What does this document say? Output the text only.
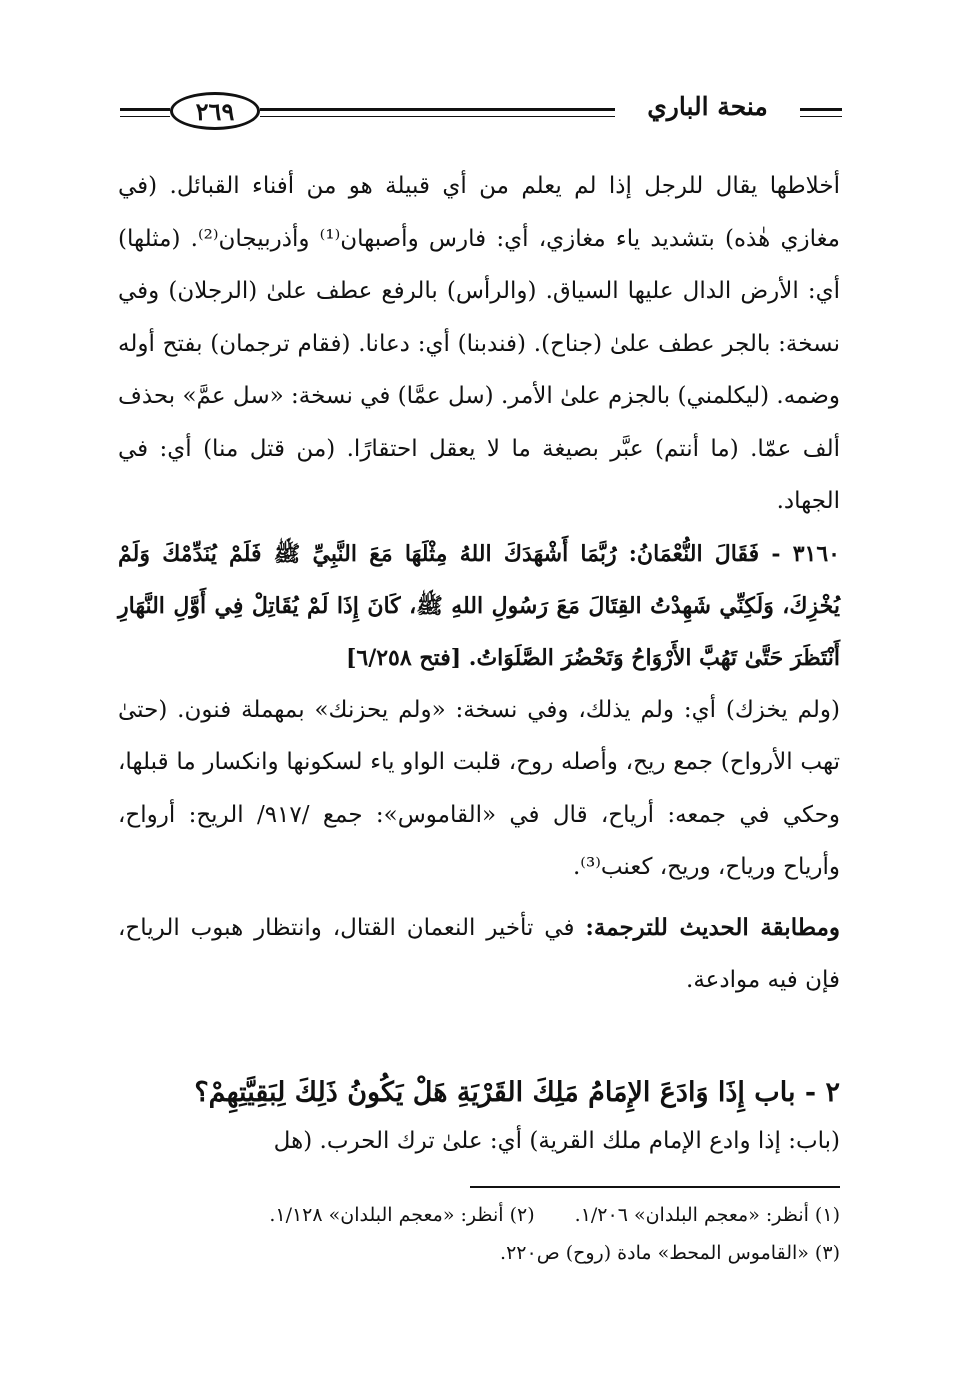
٢٦٩	منحة الباري

أخلاطها يقال للرجل إذا لم يعلم من أي قبيلة هو من أفناء القبائل. (في مغازي هٰذه) بتشديد ياء مغازي، أي: فارس وأصبهان⁽¹⁾ وأذربيجان⁽²⁾. (مثلها) أي: الأرض الدال عليها السياق. (والرأس) بالرفع عطف علىٰ (الرجلان) وفي نسخة: بالجر عطف علىٰ (جناح). (فندبنا) أي: دعانا. (فقام ترجمان) بفتح أوله وضمه. (ليكلمني) بالجزم علىٰ الأمر. (سل عمَّا) في نسخة: «سل عمَّ» بحذف ألف عمّا. (ما أنتم) عبَّر بصيغة ما لا يعقل احتقارًا. (من قتل منا) أي: في الجهاد.

٣١٦٠ - فَقَالَ النُّعْمَانُ: رُبَّمَا أَشْهَدَكَ اللهُ مِثْلَهَا مَعَ النَّبِيِّ ﷺ فَلَمْ يُنَدِّمْكَ وَلَمْ يُخْزِكَ، وَلَكِنِّي شَهِدْتُ القِتَالَ مَعَ رَسُولِ اللهِ ﷺ، كَانَ إِذَا لَمْ يُقَاتِلْ فِي أَوَّلِ النَّهَارِ أَنْتَظَرَ حَتَّىٰ تَهُبَّ الأَرْوَاحُ وَتَحْضُرَ الصَّلَوَاتُ. [فتح ٦/٢٥٨]

(ولم يخزك) أي: ولم يذلك، وفي نسخة: «ولم يحزنك» بمهملة فنون. (حتىٰ تهب الأرواح) جمع ريح، وأصله روح، قلبت الواو ياء لسكونها وانكسار ما قبلها، وحكي في جمعه: أرياح، قال في «القاموس»: جمع /٩١٧/ الريح: أرواح، وأرياح ورياح، وريح، كعنب⁽³⁾.

ومطابقة الحديث للترجمة: في تأخير النعمان القتال، وانتظار هبوب الرياح، فإن فيه موادعة.

٢ - باب إِذَا وَادَعَ الإِمَامُ مَلِكَ القَرْيَةِ هَلْ يَكُونُ ذَلِكَ لِبَقِيَّتِهِمْ؟
(باب: إذا وادع الإمام ملك القرية) أي: علىٰ ترك الحرب. (هل
(١) أنظر: «معجم البلدان» ١/٢٠٦.
(٢) أنظر: «معجم البلدان» ١/١٢٨.
(٣) «القاموس المحط» مادة (روح) ص٢٢٠.
